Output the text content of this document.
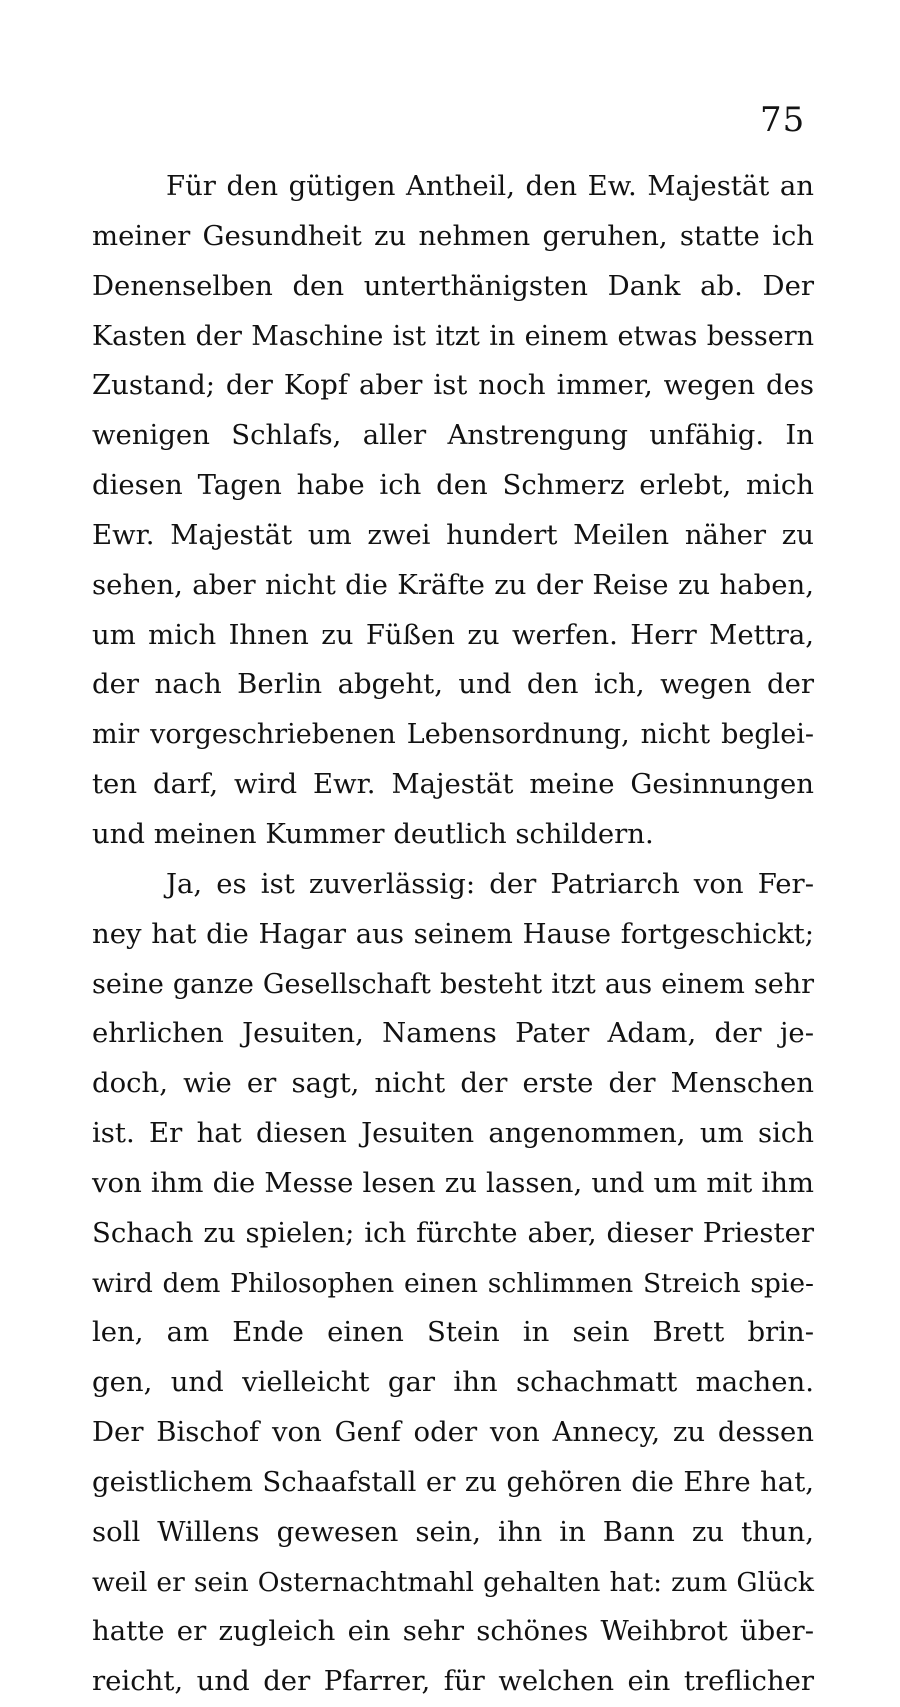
75
Für den gütigen Antheil, den Ew. Majestät an
meiner Gesundheit zu nehmen geruhen, statte ich
Denenselben den unterthänigsten Dank ab. Der
Kasten der Maschine ist itzt in einem etwas bessern
Zustand; der Kopf aber ist noch immer, wegen des
wenigen Schlafs, aller Anstrengung unfähig. In
diesen Tagen habe ich den Schmerz erlebt, mich
Ewr. Majestät um zwei hundert Meilen näher zu
sehen, aber nicht die Kräfte zu der Reise zu haben,
um mich Ihnen zu Füßen zu werfen. Herr Mettra,
der nach Berlin abgeht, und den ich, wegen der
mir vorgeschriebenen Lebensordnung, nicht beglei-
ten darf, wird Ewr. Majestät meine Gesinnungen
und meinen Kummer deutlich schildern.
Ja, es ist zuverlässig: der Patriarch von Fer-
ney hat die Hagar aus seinem Hause fortgeschickt;
seine ganze Gesellschaft besteht itzt aus einem sehr
ehrlichen Jesuiten, Namens Pater Adam, der je-
doch, wie er sagt, nicht der erste der Menschen
ist. Er hat diesen Jesuiten angenommen, um sich
von ihm die Messe lesen zu lassen, und um mit ihm
Schach zu spielen; ich fürchte aber, dieser Priester
wird dem Philosophen einen schlimmen Streich spie-
len, am Ende einen Stein in sein Brett brin-
gen, und vielleicht gar ihn schachmatt machen.
Der Bischof von Genf oder von Annecy, zu dessen
geistlichem Schaafstall er zu gehören die Ehre hat,
soll Willens gewesen sein, ihn in Bann zu thun,
weil er sein Osternachtmahl gehalten hat: zum Glück
hatte er zugleich ein sehr schönes Weihbrot über-
reicht, und der Pfarrer, für welchen ein treflicher
